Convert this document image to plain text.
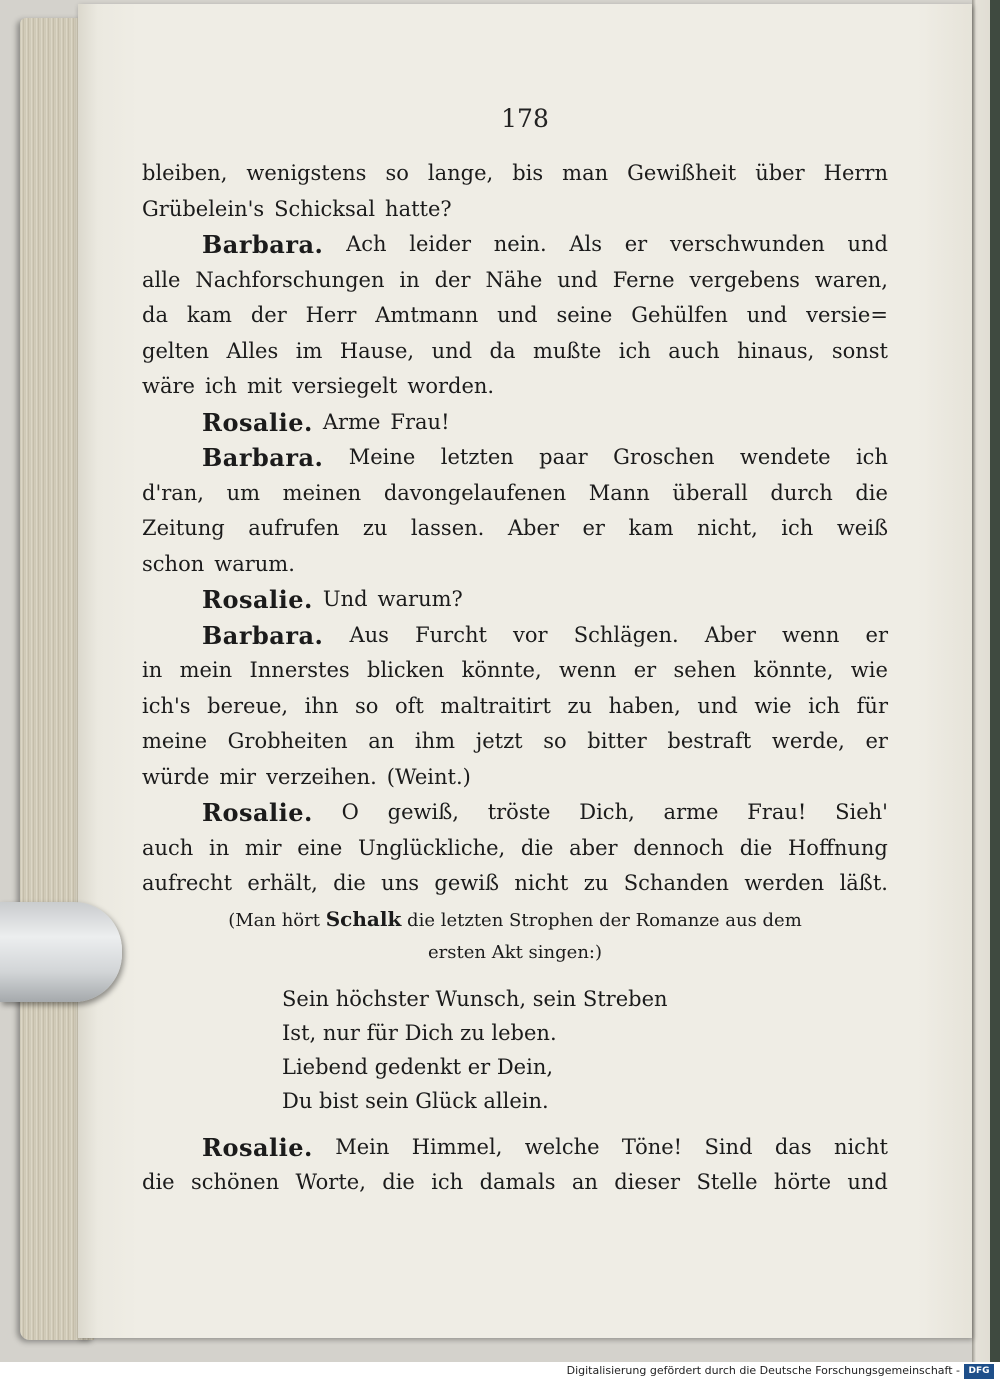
178
bleiben, wenigstens so lange, bis man Gewißheit über Herrn
Grübelein's Schicksal hatte?
Barbara. Ach leider nein. Als er verschwunden und
alle Nachforschungen in der Nähe und Ferne vergebens waren,
da kam der Herr Amtmann und seine Gehülfen und versie=
gelten Alles im Hause, und da mußte ich auch hinaus, sonst
wäre ich mit versiegelt worden.
Rosalie. Arme Frau!
Barbara. Meine letzten paar Groschen wendete ich
d'ran, um meinen davongelaufenen Mann überall durch die
Zeitung aufrufen zu lassen. Aber er kam nicht, ich weiß
schon warum.
Rosalie. Und warum?
Barbara. Aus Furcht vor Schlägen. Aber wenn er
in mein Innerstes blicken könnte, wenn er sehen könnte, wie
ich's bereue, ihn so oft maltraitirt zu haben, und wie ich für
meine Grobheiten an ihm jetzt so bitter bestraft werde, er
würde mir verzeihen. (Weint.)
Rosalie. O gewiß, tröste Dich, arme Frau! Sieh'
auch in mir eine Unglückliche, die aber dennoch die Hoffnung
aufrecht erhält, die uns gewiß nicht zu Schanden werden läßt.
(Man hört Schalk die letzten Strophen der Romanze aus dem
ersten Akt singen:)
Sein höchster Wunsch, sein Streben
Ist, nur für Dich zu leben.
Liebend gedenkt er Dein,
Du bist sein Glück allein.
Rosalie. Mein Himmel, welche Töne! Sind das nicht
die schönen Worte, die ich damals an dieser Stelle hörte und
Digitalisierung gefördert durch die Deutsche Forschungsgemeinschaft - DFG
